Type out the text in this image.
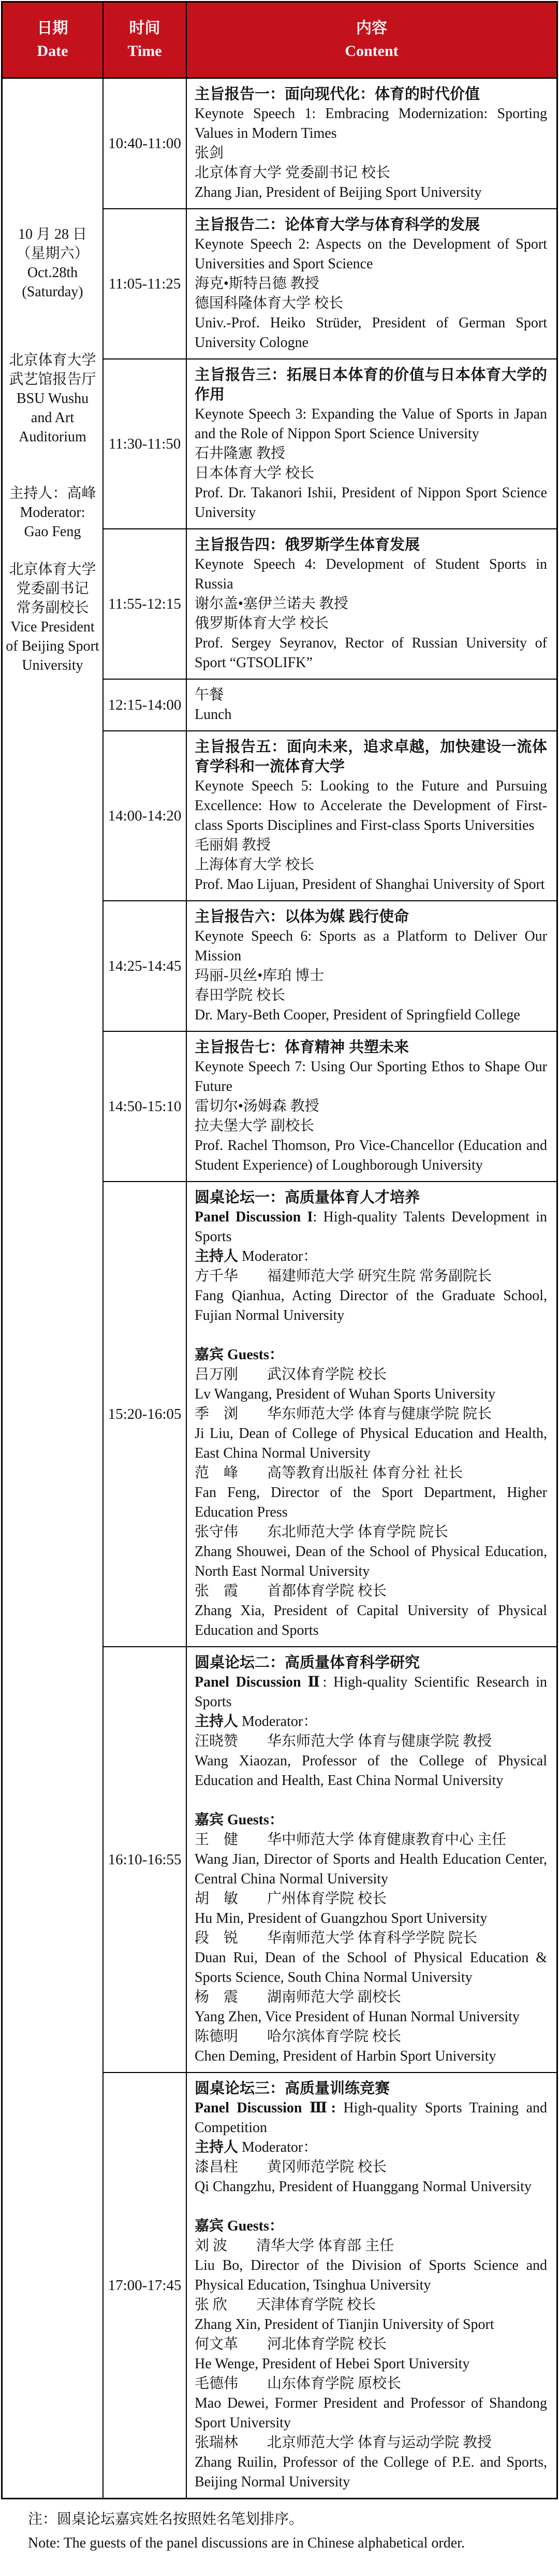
日期
Date
时间
Time
内容
Content
10 月 28 日
（星期六）
Oct.28th
(Saturday)
北京体育大学
武艺馆报告厅
BSU Wushu
and Art
Auditorium
主持人：高峰
Moderator:
Gao Feng
北京体育大学
党委副书记
常务副校长
Vice President
of Beijing Sport
University
10:40-11:00
主旨报告一：面向现代化：体育的时代价值
Keynote Speech 1: Embracing Modernization: Sporting Values in Modern Times
张剑
北京体育大学 党委副书记 校长
Zhang Jian, President of Beijing Sport University
11:05-11:25
主旨报告二：论体育大学与体育科学的发展
Keynote Speech 2: Aspects on the Development of Sport Universities and Sport Science
海克•斯特吕德 教授
德国科隆体育大学 校长
Univ.-Prof. Heiko Strüder, President of German Sport University Cologne
11:30-11:50
主旨报告三：拓展日本体育的价值与日本体育大学的作用
Keynote Speech 3: Expanding the Value of Sports in Japan and the Role of Nippon Sport Science University
石井隆憲 教授
日本体育大学 校长
Prof. Dr. Takanori Ishii, President of Nippon Sport Science University
11:55-12:15
主旨报告四：俄罗斯学生体育发展
Keynote Speech 4: Development of Student Sports in Russia
谢尔盖•塞伊兰诺夫 教授
俄罗斯体育大学 校长
Prof. Sergey Seyranov, Rector of Russian University of Sport “GTSOLIFK”
12:15-14:00
午餐
Lunch
14:00-14:20
主旨报告五：面向未来，追求卓越，加快建设一流体育学科和一流体育大学
Keynote Speech 5: Looking to the Future and Pursuing Excellence: How to Accelerate the Development of First-class Sports Disciplines and First-class Sports Universities
毛丽娟 教授
上海体育大学 校长
Prof. Mao Lijuan, President of Shanghai University of Sport
14:25-14:45
主旨报告六：以体为媒 践行使命
Keynote Speech 6: Sports as a Platform to Deliver Our Mission
玛丽-贝丝•库珀 博士
春田学院 校长
Dr. Mary-Beth Cooper, President of Springfield College
14:50-15:10
主旨报告七：体育精神 共塑未来
Keynote Speech 7: Using Our Sporting Ethos to Shape Our Future
雷切尔•汤姆森 教授
拉夫堡大学 副校长
Prof. Rachel Thomson, Pro Vice-Chancellor (Education and Student Experience) of Loughborough University
15:20-16:05
圆桌论坛一：高质量体育人才培养
Panel Discussion I: High-quality Talents Development in Sports
主持人 Moderator：
方千华　　福建师范大学 研究生院 常务副院长
Fang Qianhua, Acting Director of the Graduate School, Fujian Normal University
嘉宾 Guests：
吕万刚　　武汉体育学院 校长
Lv Wangang, President of Wuhan Sports University
季　浏　　华东师范大学 体育与健康学院 院长
Ji Liu, Dean of College of Physical Education and Health, East China Normal University
范　峰　　高等教育出版社 体育分社 社长
Fan Feng, Director of the Sport Department, Higher Education Press
张守伟　　东北师范大学 体育学院 院长
Zhang Shouwei, Dean of the School of Physical Education, North East Normal University
张　霞　　首都体育学院 校长
Zhang Xia, President of Capital University of Physical Education and Sports
16:10-16:55
圆桌论坛二：高质量体育科学研究
Panel Discussion Ⅱ: High-quality Scientific Research in Sports
主持人 Moderator：
汪晓赞　　华东师范大学 体育与健康学院 教授
Wang Xiaozan, Professor of the College of Physical Education and Health, East China Normal University
嘉宾 Guests：
王　健　　华中师范大学 体育健康教育中心 主任
Wang Jian, Director of Sports and Health Education Center, Central China Normal University
胡　敏　　广州体育学院 校长
Hu Min, President of Guangzhou Sport University
段　锐　　华南师范大学 体育科学学院 院长
Duan Rui, Dean of the School of Physical Education & Sports Science, South China Normal University
杨　震　　湖南师范大学 副校长
Yang Zhen, Vice President of Hunan Normal University
陈德明　　哈尔滨体育学院 校长
Chen Deming, President of Harbin Sport University
17:00-17:45
圆桌论坛三：高质量训练竞赛
Panel Discussion Ⅲ: High-quality Sports Training and Competition
主持人 Moderator：
漆昌柱　　黄冈师范学院 校长
Qi Changzhu, President of Huanggang Normal University
嘉宾 Guests：
刘 波　　清华大学 体育部 主任
Liu Bo, Director of the Division of Sports Science and Physical Education, Tsinghua University
张 欣　　天津体育学院 校长
Zhang Xin, President of Tianjin University of Sport
何文革　　河北体育学院 校长
He Wenge, President of Hebei Sport University
毛德伟　　山东体育学院 原校长
Mao Dewei, Former President and Professor of Shandong Sport University
张瑞林　　北京师范大学 体育与运动学院 教授
Zhang Ruilin, Professor of the College of P.E. and Sports, Beijing Normal University
注：圆桌论坛嘉宾姓名按照姓名笔划排序。
Note: The guests of the panel discussions are in Chinese alphabetical order.
